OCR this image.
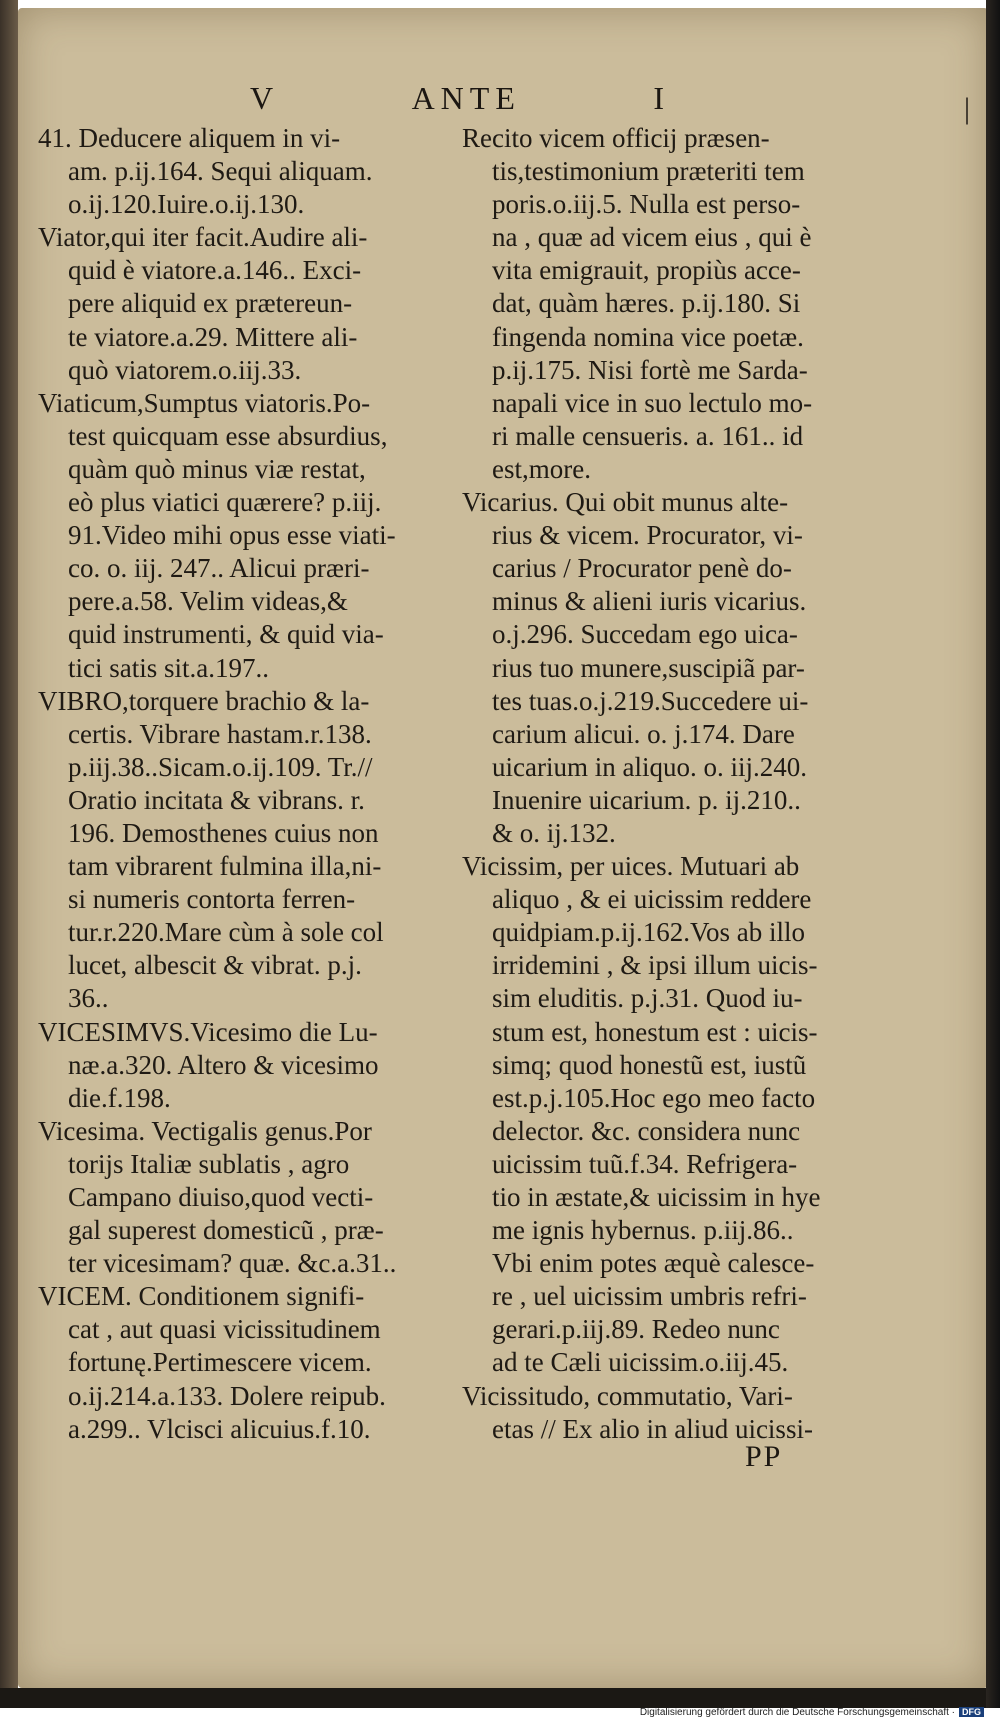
V	ANTE	I	|
41. Deducere aliquem in vi-
am. p.ij.164. Sequi aliquam.
o.ij.120.Iuire.o.ij.130.
Viator,qui iter facit.Audire ali-
quid è viatore.a.146.. Exci-
pere aliquid ex prætereun-
te viatore.a.29. Mittere ali-
quò viatorem.o.iij.33.
Viaticum,Sumptus viatoris.Po-
test quicquam esse absurdius,
quàm quò minus viæ restat,
eò plus viatici quærere? p.iij.
91.Video mihi opus esse viati-
co. o. iij. 247.. Alicui præri-
pere.a.58. Velim videas,&
quid instrumenti, & quid via-
tici satis sit.a.197..
VIBRO,torquere brachio & la-
certis. Vibrare hastam.r.138.
p.iij.38..Sicam.o.ij.109. Tr.//
Oratio incitata & vibrans. r.
196. Demosthenes cuius non
tam vibrarent fulmina illa,ni-
si numeris contorta ferren-
tur.r.220.Mare cùm à sole col
lucet, albescit & vibrat. p.j.
36..
VICESIMVS.Vicesimo die Lu-
næ.a.320. Altero & vicesimo
die.f.198.
Vicesima. Vectigalis genus.Por
torijs Italiæ sublatis , agro
Campano diuiso,quod vecti-
gal superest domesticũ , præ-
ter vicesimam? quæ. &c.a.31..
VICEM. Conditionem signifi-
cat , aut quasi vicissitudinem
fortunę.Pertimescere vicem.
o.ij.214.a.133. Dolere reipub.
a.299.. Vlcisci alicuius.f.10.
Recito vicem officij præsen-
tis,testimonium præteriti tem
poris.o.iij.5. Nulla est perso-
na , quæ ad vicem eius , qui è
vita emigrauit, propiùs acce-
dat, quàm hæres. p.ij.180. Si
fingenda nomina vice poetæ.
p.ij.175. Nisi fortè me Sarda-
napali vice in suo lectulo mo-
ri malle censueris. a. 161.. id
est,more.
Vicarius. Qui obit munus alte-
rius & vicem. Procurator, vi-
carius / Procurator penè do-
minus & alieni iuris vicarius.
o.j.296. Succedam ego uica-
rius tuo munere,suscipiã par-
tes tuas.o.j.219.Succedere ui-
carium alicui. o. j.174. Dare
uicarium in aliquo. o. iij.240.
Inuenire uicarium. p. ij.210..
& o. ij.132.
Vicissim, per uices. Mutuari ab
aliquo , & ei uicissim reddere
quidpiam.p.ij.162.Vos ab illo
irridemini , & ipsi illum uicis-
sim eluditis. p.j.31. Quod iu-
stum est, honestum est : uicis-
simq; quod honestũ est, iustũ
est.p.j.105.Hoc ego meo facto
delector. &c. considera nunc
uicissim tuũ.f.34. Refrigera-
tio in æstate,& uicissim in hye
me ignis hybernus. p.iij.86..
Vbi enim potes æquè calesce-
re , uel uicissim umbris refri-
gerari.p.iij.89. Redeo nunc
ad te Cæli uicissim.o.iij.45.
Vicissitudo, commutatio, Vari-
etas // Ex alio in aliud uicissi-
PP
Digitalisierung gefördert durch die Deutsche Forschungsgemeinschaft · DFG
